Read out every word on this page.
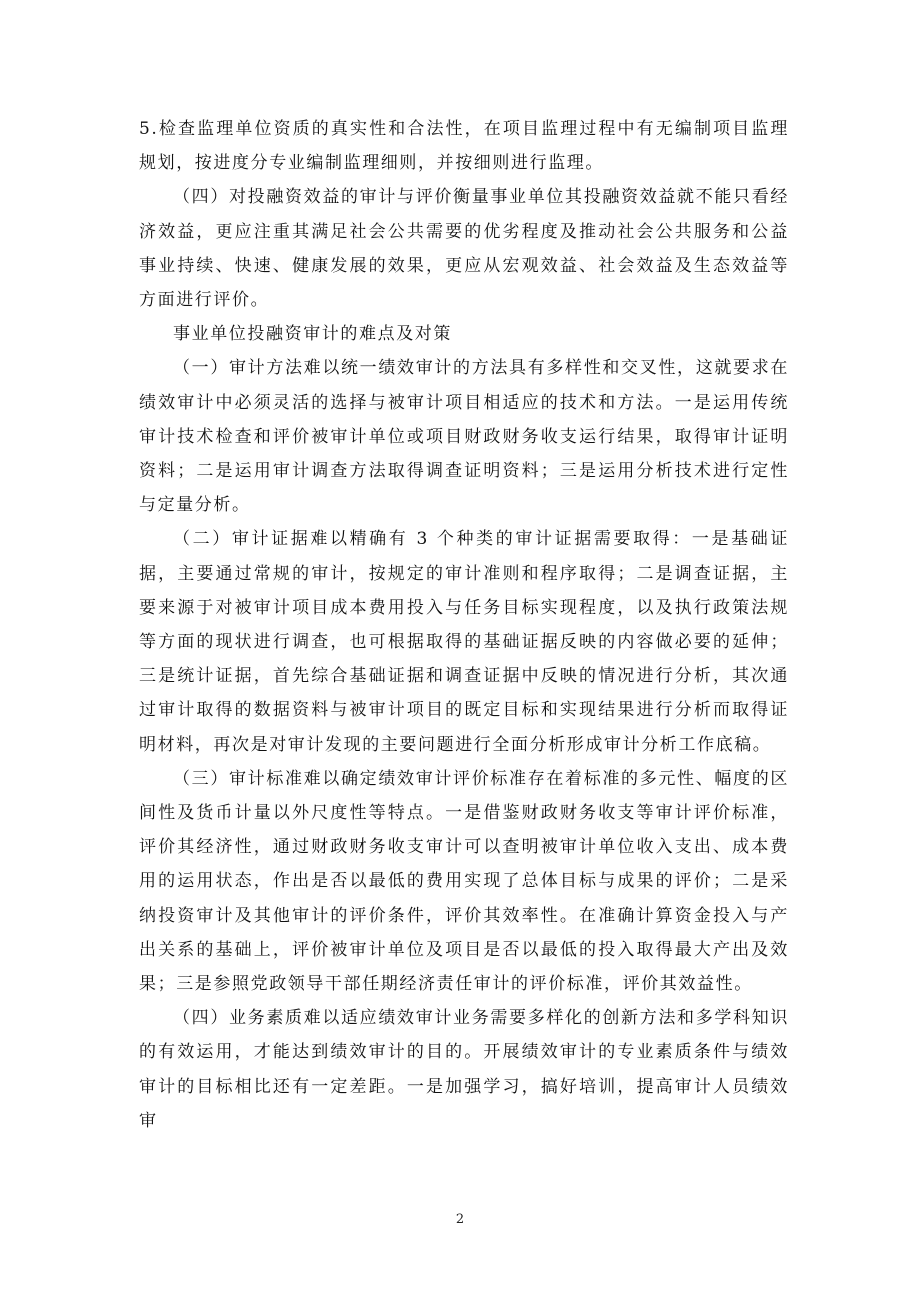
5.检查监理单位资质的真实性和合法性，在项目监理过程中有无编制项目监理规划，按进度分专业编制监理细则，并按细则进行监理。

（四）对投融资效益的审计与评价衡量事业单位其投融资效益就不能只看经济效益，更应注重其满足社会公共需要的优劣程度及推动社会公共服务和公益事业持续、快速、健康发展的效果，更应从宏观效益、社会效益及生态效益等方面进行评价。

事业单位投融资审计的难点及对策

（一）审计方法难以统一绩效审计的方法具有多样性和交叉性，这就要求在绩效审计中必须灵活的选择与被审计项目相适应的技术和方法。一是运用传统审计技术检查和评价被审计单位或项目财政财务收支运行结果，取得审计证明资料；二是运用审计调查方法取得调查证明资料；三是运用分析技术进行定性与定量分析。

（二）审计证据难以精确有 3 个种类的审计证据需要取得：一是基础证据，主要通过常规的审计，按规定的审计准则和程序取得；二是调查证据，主要来源于对被审计项目成本费用投入与任务目标实现程度，以及执行政策法规等方面的现状进行调查，也可根据取得的基础证据反映的内容做必要的延伸；三是统计证据，首先综合基础证据和调查证据中反映的情况进行分析，其次通过审计取得的数据资料与被审计项目的既定目标和实现结果进行分析而取得证明材料，再次是对审计发现的主要问题进行全面分析形成审计分析工作底稿。

（三）审计标准难以确定绩效审计评价标准存在着标准的多元性、幅度的区间性及货币计量以外尺度性等特点。一是借鉴财政财务收支等审计评价标准，评价其经济性，通过财政财务收支审计可以查明被审计单位收入支出、成本费用的运用状态，作出是否以最低的费用实现了总体目标与成果的评价；二是采纳投资审计及其他审计的评价条件，评价其效率性。在准确计算资金投入与产出关系的基础上，评价被审计单位及项目是否以最低的投入取得最大产出及效果；三是参照党政领导干部任期经济责任审计的评价标准，评价其效益性。

（四）业务素质难以适应绩效审计业务需要多样化的创新方法和多学科知识的有效运用，才能达到绩效审计的目的。开展绩效审计的专业素质条件与绩效审计的目标相比还有一定差距。一是加强学习，搞好培训，提高审计人员绩效审

2
